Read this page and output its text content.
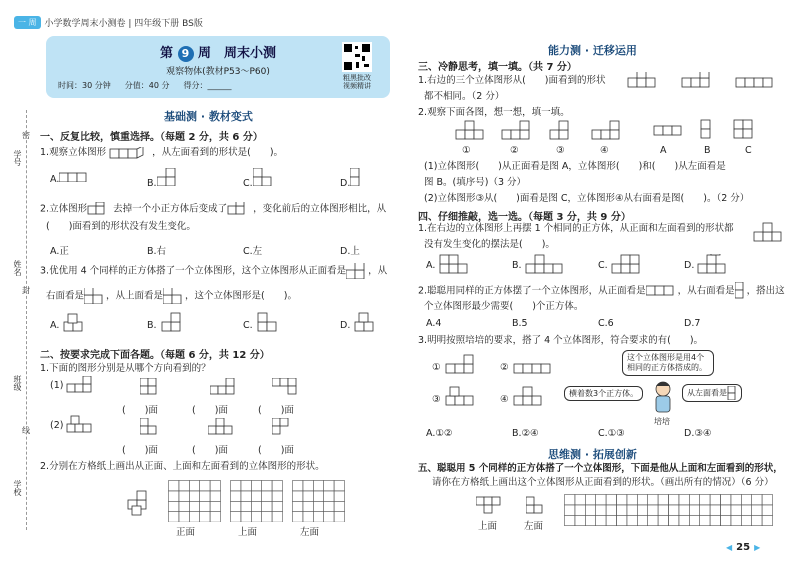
一 周 小学数学周末小测卷 | 四年级下册 BS版
第 9 周　周末小测
观察物体(教材P53～P60)
时间：30 分钟 分值：40 分 得分：______
粗黑批改
视频精讲
学号
密
姓名
封
班级
线
学校
基础测 · 教材变式
一、反复比较，慎重选择。（每题 2 分，共 6 分）
1.观察立体图形	，从左面看到的形状是(　　)。
A.	B.	C.	D.
2.立体图形	去掉一个小正方体后变成了	，变化前后的立体图形相比，从
(　　)面看到的形状没有发生变化。
A.正	B.右	C.左	D.上
3.优优用 4 个同样的正方体搭了一个立体图形，这个立体图形从正面看是 ，从
右面看是 ，从上面看是 ，这个立体图形是(　　)。
A.	B.	C.	D.
二、按要求完成下面各题。（每题 6 分，共 12 分）
1.下面的图形分别是从哪个方向看到的？
(1)
(　　)面	(　　)面	(　　)面
(2)
(　　)面	(　　)面	(　　)面
2.分别在方格纸上画出从正面、上面和左面看到的立体图形的形状。
正面	上面	左面
能力测 · 迁移运用
三、冷静思考，填一填。（共 7 分）
1.右边的三个立体图形从(　　)面看到的形状
都不相同。（2 分）
2.观察下面各图，想一想，填一填。
①	②	③	④	A	B	C
(1)立体图形(　　)从正面看是图 A，立体图形(　　)和(　　)从左面看是
图 B。(填序号)（3 分）
(2)立体图形③从(　　)面看是图 C，立体图形④从右面看是图(　　)。（2 分）
四、仔细推敲，选一选。（每题 3 分，共 9 分）
1.在右边的立体图形上再摆 1 个相同的正方体，从正面和左面看到的形状都
没有发生变化的摆法是(　　)。
A.	B.	C.	D.
2.聪聪用同样的正方体摆了一个立体图形，从正面看是	，从右面看是 ，搭出这
个立体图形最少需要(　　)个正方体。
A.4	B.5	C.6	D.7
3.明明按照培培的要求，搭了 4 个立体图形，符合要求的有(　　)。
①	②
③	④
这个立体图形是用4个相同的正方体搭成的。
横着数3个正方体。	从左面看是
培培
A.①②	B.②④	C.①③	D.③④
思维测 · 拓展创新
五、聪聪用 5 个同样的正方体搭了一个立体图形，下面是他从上面和左面看到的形状，
请你在方格纸上画出这个立体图形从正面看到的形状。（画出所有的情况）（6 分）
上面	左面
◀ 25 ▶
